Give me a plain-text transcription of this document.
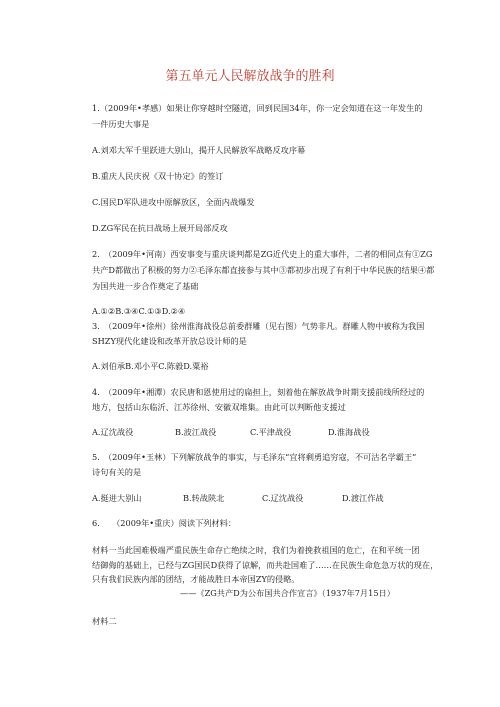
第五单元人民解放战争的胜利
1.（2009年•孝感）如果让你穿越时空隧道，回到民国34年，你一定会知道在这一年发生的
一件历史大事是
A.刘邓大军千里跃进大别山，揭开人民解放军战略反攻序幕
B.重庆人民庆祝《双十协定》的签订
C.国民D军队进攻中原解放区，全面内战爆发
D.ZG军民在抗日战场上展开局部反攻
2.　（2009年•河南）西安事变与重庆谈判都是ZG近代史上的重大事件，二者的相同点有①ZG
共产D都做出了积极的努力②毛泽东都直接参与其中③都初步出现了有利于中华民族的结果④都
为国共进一步合作奠定了基础
A.①②B.③④C.①③D.②④
3.　（2009年•徐州）徐州淮海战役总前委群雕（见右图）气势非凡。群雕人物中被称为我国
SHZY现代化建设和改革开放总设计师的是
A.刘伯承B.邓小平C.陈毅D.粟裕
4.　（2009年•湘潭）农民唐和恩使用过的扁担上，刻着他在解放战争时期支援前线所经过的
地方，包括山东临沂、江苏徐州、安徽双堆集。由此可以判断他支援过
A.辽沈战役	B.波江战役	C.平津战役	D.淮海战役
5.　（2009年•玉林）下列解放战争的事实，与毛泽东“宜将剩勇追穷寇，不可沽名学霸王”
诗句有关的是
A.挺进大别山	B.转战陕北	C.辽沈战役	D.渡江作战
6.　　（2009年•重庆）阅读下列材料：
材料一当此国难极端严重民族生命存亡绝续之时，我们为着挽救祖国的危亡，在和平统一团
结御侮的基础上，已经与ZG国民D获得了谅解，而共赴国难了……在民族生命危急万状的现在，
只有我们民族内部的团结，才能战胜日本帝国ZY的侵略。
——《ZG共产D为公布国共合作宣言》（1937年7月15日）
材料二
